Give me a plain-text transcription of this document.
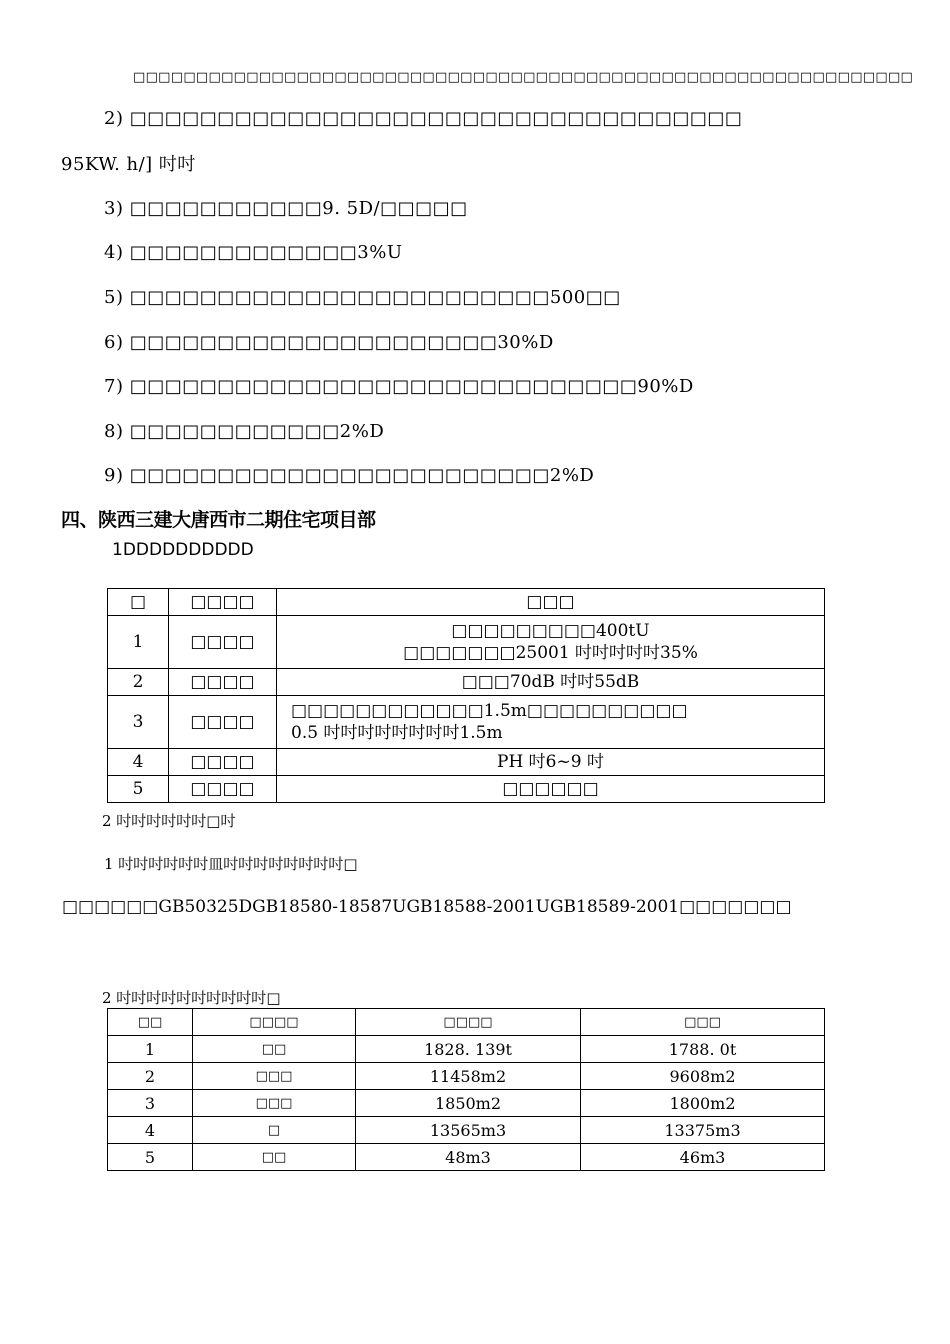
□□□□□□□□□□□□□□□□□□□□□□□□□□□□□□□□□□□□□□□□□□□□□□□□□□□□□□□□□□□□□□
2) □□□□□□□□□□□□□□□□□□□□□□□□□□□□□□□□□□□
95KW. h/] 吋吋
3) □□□□□□□□□□□9. 5D/□□□□□
4) □□□□□□□□□□□□□3%U
5) □□□□□□□□□□□□□□□□□□□□□□□□500□□
6) □□□□□□□□□□□□□□□□□□□□□30%D
7) □□□□□□□□□□□□□□□□□□□□□□□□□□□□□90%D
8) □□□□□□□□□□□□2%D
9) □□□□□□□□□□□□□□□□□□□□□□□□2%D
四、陕西三建大唐西市二期住宅项目部
1DDDDDDDDDD
□	□□□□	□□□
1	□□□□	□□□□□□□□□400tU
□□□□□□□25001 吋吋吋吋吋35%

2	□□□□	□□□70dB 吋吋55dB
3	□□□□	□□□□□□□□□□□□1.5m□□□□□□□□□□
0.5 吋吋吋吋吋吋吋吋1.5m

4	□□□□	PH 吋6~9 吋
5	□□□□	□□□□□□
2 吋吋吋吋吋吋□吋
1 吋吋吋吋吋吋皿吋吋吋吋吋吋吋吋□
□□□□□□GB50325DGB18580-18587UGB18588-2001UGB18589-2001□□□□□□□
2 吋吋吋吋吋吋吋吋吋吋□
□□	□□□□	□□□□	□□□
1	□□	1828. 139t	1788. 0t
2	□□□	11458m2	9608m2
3	□□□	1850m2	1800m2
4	□	13565m3	13375m3
5	□□	48m3	46m3
